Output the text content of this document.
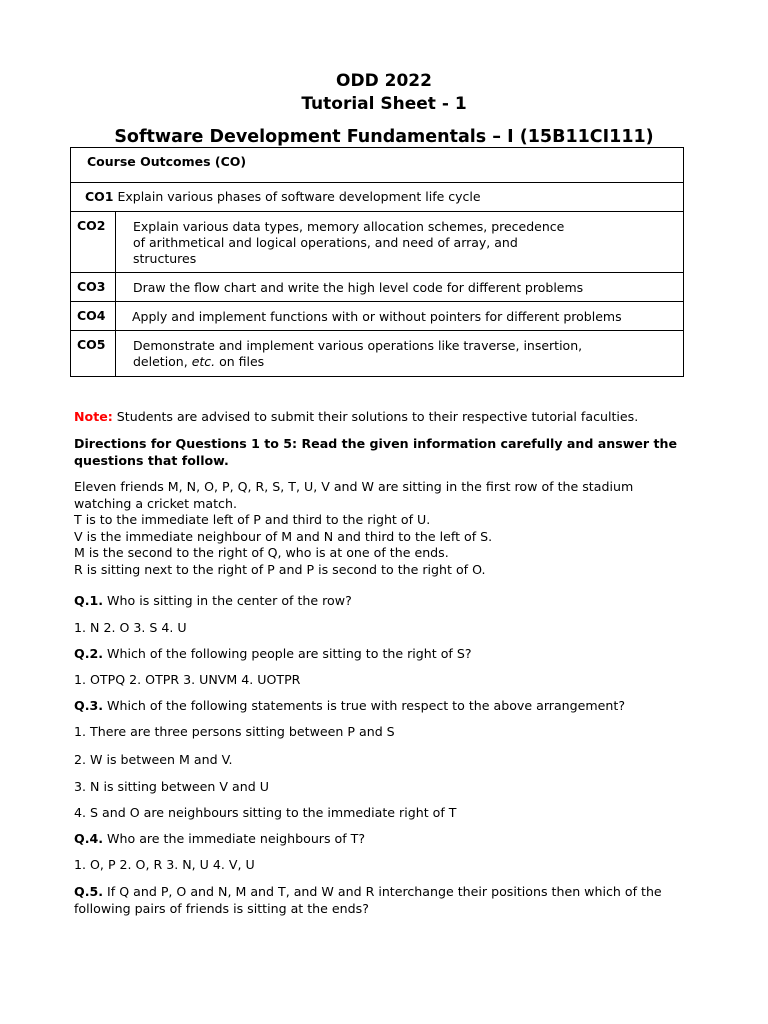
ODD 2022
Tutorial Sheet - 1
Software Development Fundamentals – I (15B11CI111)
Course Outcomes (CO)	

CO1 Explain various phases of software development life cycle	

CO2	Explain various data types, memory allocation schemes, precedence
of arithmetical and logical operations, and need of array, and
structures

CO3	Draw the flow chart and write the high level code for different problems

CO4	Apply and implement functions with or without pointers for different problems

CO5	Demonstrate and implement various operations like traverse, insertion,
deletion, etc. on files
Note: Students are advised to submit their solutions to their respective tutorial faculties.
Directions for Questions 1 to 5: Read the given information carefully and answer the
questions that follow.
Eleven friends M, N, O, P, Q, R, S, T, U, V and W are sitting in the first row of the stadium
watching a cricket match.
T is to the immediate left of P and third to the right of U.
V is the immediate neighbour of M and N and third to the left of S.
M is the second to the right of Q, who is at one of the ends.
R is sitting next to the right of P and P is second to the right of O.
Q.1. Who is sitting in the center of the row?
1. N 2. O 3. S 4. U
Q.2. Which of the following people are sitting to the right of S?
1. OTPQ 2. OTPR 3. UNVM 4. UOTPR
Q.3. Which of the following statements is true with respect to the above arrangement?
1. There are three persons sitting between P and S
2. W is between M and V.
3. N is sitting between V and U
4. S and O are neighbours sitting to the immediate right of T
Q.4. Who are the immediate neighbours of T?
1. O, P 2. O, R 3. N, U 4. V, U
Q.5. If Q and P, O and N, M and T, and W and R interchange their positions then which of the
following pairs of friends is sitting at the ends?
